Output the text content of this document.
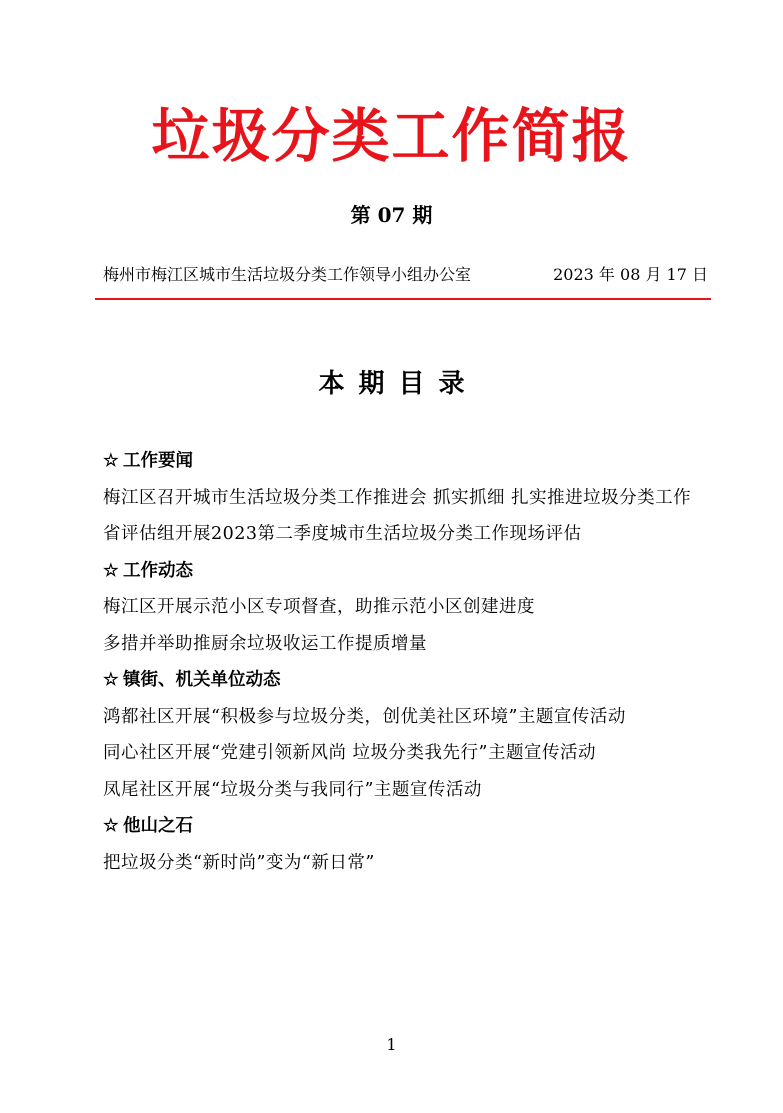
垃圾分类工作简报
第 07 期
梅州市梅江区城市生活垃圾分类工作领导小组办公室	2023 年 08 月 17 日
本期目录
☆ 工作要闻
梅江区召开城市生活垃圾分类工作推进会 抓实抓细 扎实推进垃圾分类工作
省评估组开展2023第二季度城市生活垃圾分类工作现场评估
☆ 工作动态
梅江区开展示范小区专项督查，助推示范小区创建进度
多措并举助推厨余垃圾收运工作提质增量
☆ 镇街、机关单位动态
鸿都社区开展“积极参与垃圾分类，创优美社区环境”主题宣传活动
同心社区开展“党建引领新风尚 垃圾分类我先行”主题宣传活动
凤尾社区开展“垃圾分类与我同行”主题宣传活动
☆ 他山之石
把垃圾分类“新时尚”变为“新日常”
1
